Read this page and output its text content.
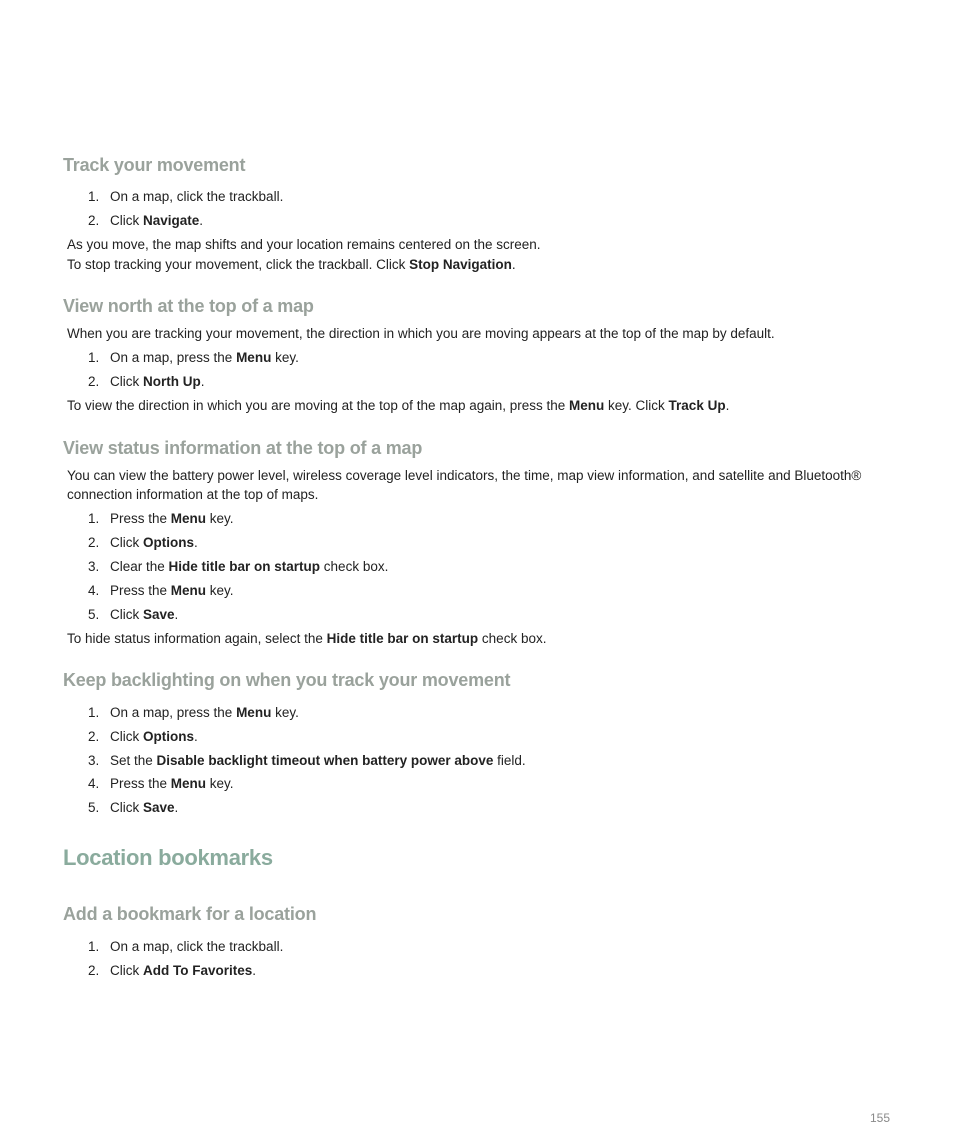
Track your movement

1. On a map, click the trackball.

2. Click Navigate.

As you move, the map shifts and your location remains centered on the screen.

To stop tracking your movement, click the trackball. Click Stop Navigation.

View north at the top of a map

When you are tracking your movement, the direction in which you are moving appears at the top of the map by default.

1. On a map, press the Menu key.

2. Click North Up.

To view the direction in which you are moving at the top of the map again, press the Menu key. Click Track Up.

View status information at the top of a map

You can view the battery power level, wireless coverage level indicators, the time, map view information, and satellite and Bluetooth®

connection information at the top of maps.

1. Press the Menu key.

2. Click Options.

3. Clear the Hide title bar on startup check box.

4. Press the Menu key.

5. Click Save.

To hide status information again, select the Hide title bar on startup check box.

Keep backlighting on when you track your movement

1. On a map, press the Menu key.

2. Click Options.

3. Set the Disable backlight timeout when battery power above field.

4. Press the Menu key.

5. Click Save.

Location bookmarks
Add a bookmark for a location

1. On a map, click the trackball.

2. Click Add To Favorites.

155
